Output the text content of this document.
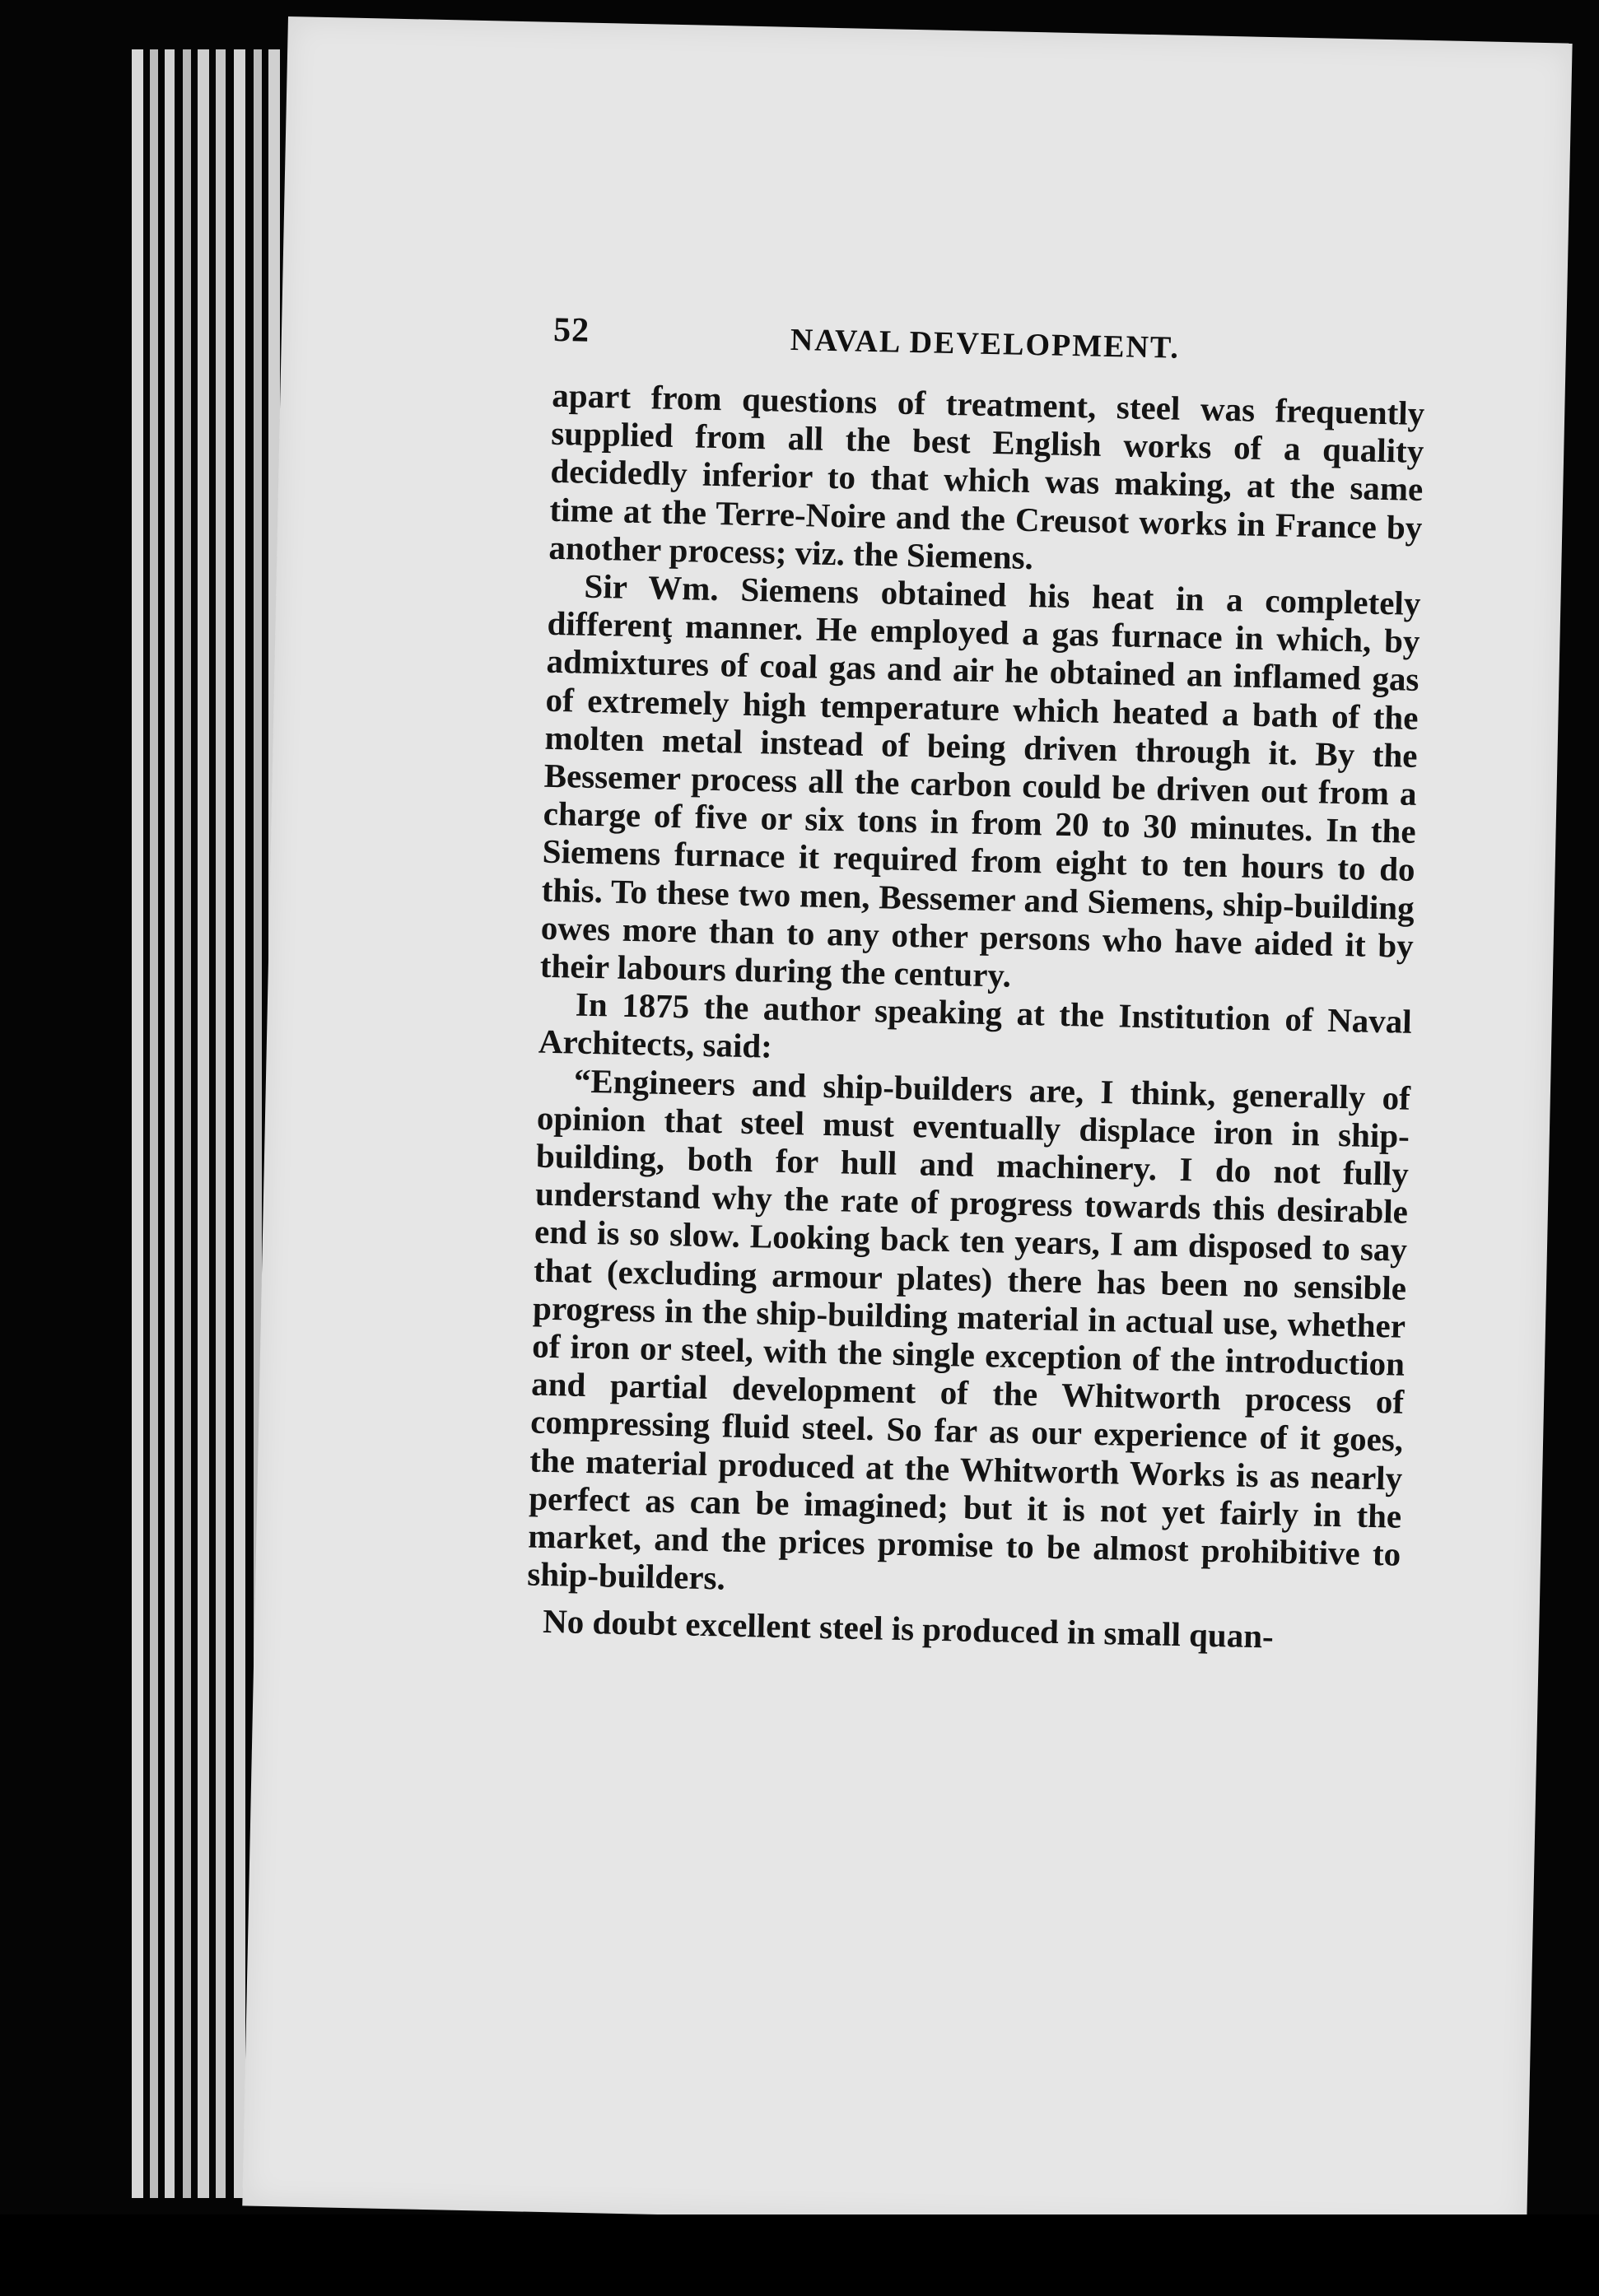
52	NAVAL DEVELOPMENT.

apart from questions of treatment, steel was frequently supplied from all the best English works of a quality decidedly inferior to that which was making, at the same time at the Terre-Noire and the Creusot works in France by another process; viz. the Siemens.

Sir Wm. Siemens obtained his heat in a completely differenţ manner. He employed a gas furnace in which, by admixtures of coal gas and air he obtained an inflamed gas of extremely high temperature which heated a bath of the molten metal instead of being driven through it. By the Bessemer process all the carbon could be driven out from a charge of five or six tons in from 20 to 30 minutes. In the Siemens furnace it required from eight to ten hours to do this. To these two men, Bessemer and Siemens, ship-building owes more than to any other persons who have aided it by their labours during the century.

In 1875 the author speaking at the Institution of Naval Architects, said:

“Engineers and ship-builders are, I think, generally of opinion that steel must eventually displace iron in ship-building, both for hull and machinery. I do not fully understand why the rate of progress towards this desirable end is so slow. Looking back ten years, I am disposed to say that (excluding armour plates) there has been no sensible progress in the ship-building material in actual use, whether of iron or steel, with the single exception of the introduction and partial development of the Whitworth process of compressing fluid steel. So far as our experience of it goes, the material produced at the Whitworth Works is as nearly perfect as can be imagined; but it is not yet fairly in the market, and the prices promise to be almost prohibitive to ship-builders.

No doubt excellent steel is produced in small quan-
